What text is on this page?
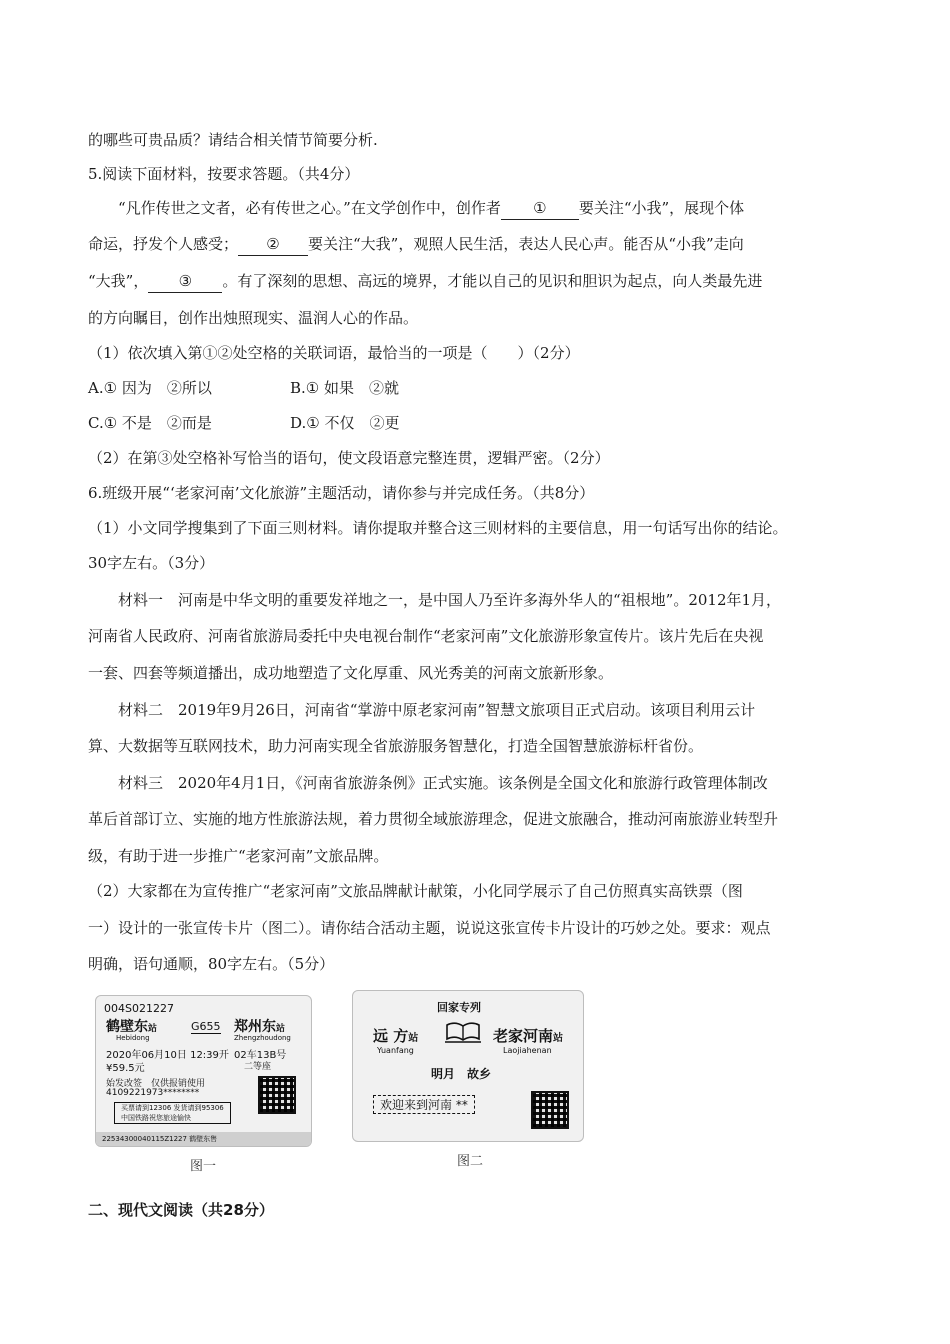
的哪些可贵品质？请结合相关情节简要分析.
5.阅读下面材料，按要求答题。（共4分）
“凡作传世之文者，必有传世之心。”在文学创作中，创作者 ① 要关注“小我”，展现个体
命运，抒发个人感受； ② 要关注“大我”，观照人民生活，表达人民心声。能否从“小我”走向
“大我”， ③ 。有了深刻的思想、高远的境界，才能以自己的见识和胆识为起点，向人类最先进
的方向瞩目，创作出烛照现实、温润人心的作品。
（1）依次填入第①②处空格的关联词语，最恰当的一项是（　　）（2分）
A.① 因为　②所以	B.① 如果　②就
C.① 不是　②而是	D.① 不仅　②更
（2）在第③处空格补写恰当的语句，使文段语意完整连贯，逻辑严密。（2分）
6.班级开展“‘老家河南’文化旅游”主题活动，请你参与并完成任务。（共8分）
（1）小文同学搜集到了下面三则材料。请你提取并整合这三则材料的主要信息，用一句话写出你的结论。
30字左右。（3分）
材料一　河南是中华文明的重要发祥地之一，是中国人乃至许多海外华人的“祖根地”。2012年1月，
河南省人民政府、河南省旅游局委托中央电视台制作“老家河南”文化旅游形象宣传片。该片先后在央视
一套、四套等频道播出，成功地塑造了文化厚重、风光秀美的河南文旅新形象。
材料二　2019年9月26日，河南省“掌游中原老家河南”智慧文旅项目正式启动。该项目利用云计
算、大数据等互联网技术，助力河南实现全省旅游服务智慧化，打造全国智慧旅游标杆省份。
材料三　2020年4月1日，《河南省旅游条例》正式实施。该条例是全国文化和旅游行政管理体制改
革后首部订立、实施的地方性旅游法规，着力贯彻全域旅游理念，促进文旅融合，推动河南旅游业转型升
级，有助于进一步推广“老家河南”文旅品牌。
（2）大家都在为宣传推广“老家河南”文旅品牌献计献策，小化同学展示了自己仿照真实高铁票（图
一）设计的一张宣传卡片（图二）。请你结合活动主题，说说这张宣传卡片设计的巧妙之处。要求：观点
明确，语句通顺，80字左右。（5分）
004S021227
鹤壁东站
Hebidong
G655 郑州东站
Zhengzhoudong
2020年06月10日 12:39开 02车13B号
¥59.5元	二等座
始发改签　仅供报销使用
4109221973********
买票请到12306 发货请到95306
中国铁路祝您旅途愉快
22534300040115Z1227 鹤壁东售
图一
回家专列
远 方站
Yuanfang
老家河南站
Laojiahenan
明月　故乡
欢迎来到河南 **
图二
二、现代文阅读（共28分）
